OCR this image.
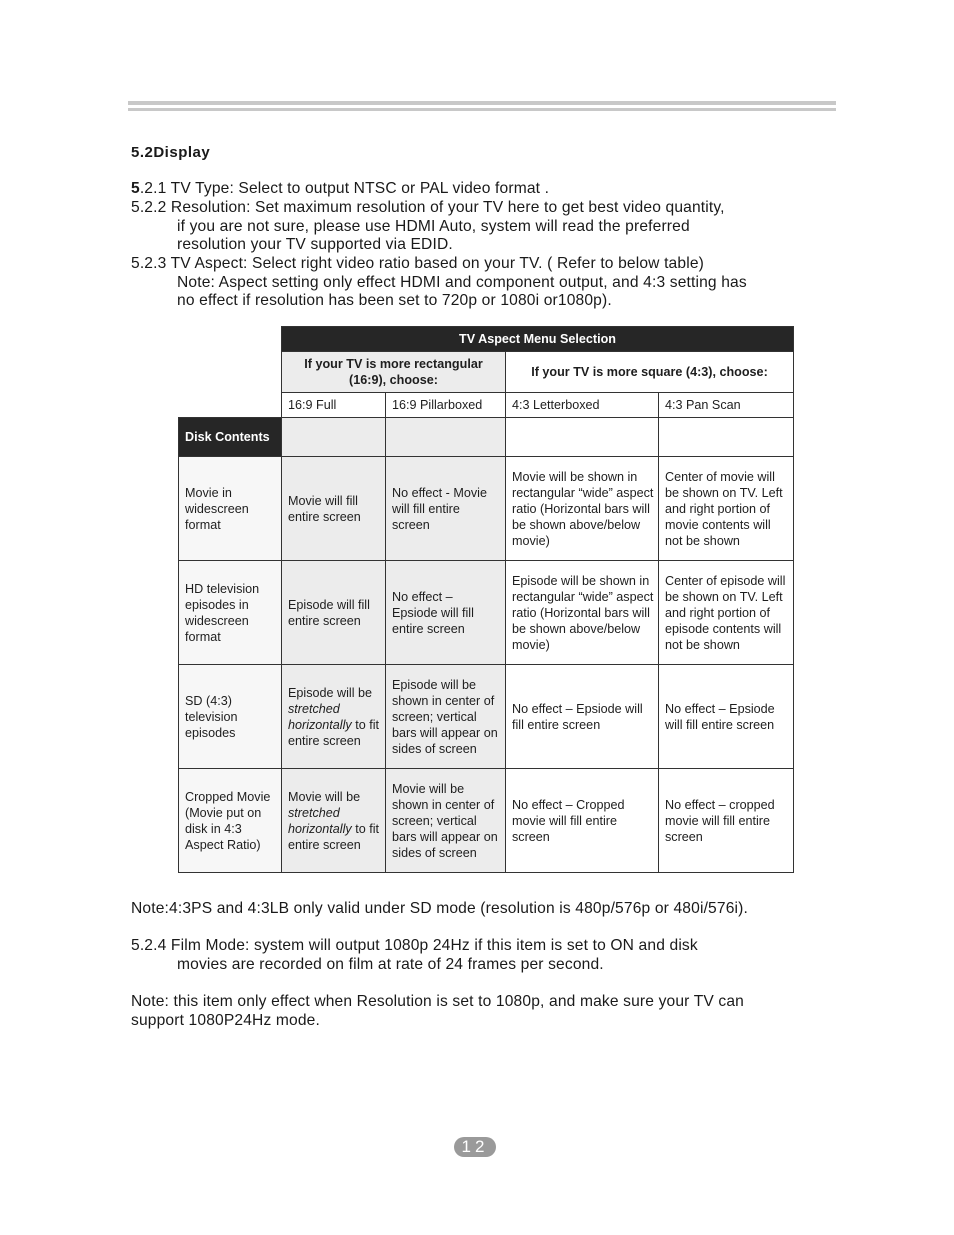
5.2Display
5.2.1 TV Type: Select to output NTSC or PAL video format .
5.2.2 Resolution: Set maximum resolution of your TV here to get best video quantity,
if you are not sure, please use HDMI Auto, system will read the preferred
resolution your TV supported via EDID.
5.2.3 TV Aspect: Select right video ratio based on your TV. ( Refer to below table)
Note: Aspect setting only effect HDMI and component output, and 4:3 setting has
no effect if resolution has been set to 720p or 1080i or1080p).
	TV Aspect Menu Selection			
	If your TV is more rectangular (16:9), choose:		If your TV is more square (4:3), choose:	
	16:9 Full	16:9 Pillarboxed	4:3 Letterboxed	4:3 Pan Scan
Disk Contents				
Movie in widescreen format	Movie will fill entire screen	No effect - Movie will fill entire screen	Movie will be shown in rectangular “wide” aspect ratio (Horizontal bars will be shown above/below movie)	Center of movie will be shown on TV. Left and right portion of movie contents will not be shown
HD television episodes in widescreen format	Episode will fill entire screen	No effect – Epsiode will fill entire screen	Episode will be shown in rectangular “wide” aspect ratio (Horizontal bars will be shown above/below movie)	Center of episode will be shown on TV. Left and right portion of episode contents will not be shown
SD (4:3) television episodes	Episode will be stretched horizontally to fit entire screen	Episode will be shown in center of screen; vertical bars will appear on sides of screen	No effect – Epsiode will fill entire screen	No effect – Epsiode will fill entire screen
Cropped Movie (Movie put on disk in 4:3 Aspect Ratio)	Movie will be stretched horizontally to fit entire screen	Movie will be shown in center of screen; vertical bars will appear on sides of screen	No effect – Cropped movie will fill entire screen	No effect – cropped movie will fill entire screen
Note:4:3PS and 4:3LB only valid under SD mode (resolution is 480p/576p or 480i/576i).
5.2.4 Film Mode: system will output 1080p 24Hz if this item is set to ON and disk
movies are recorded on film at rate of 24 frames per second.
Note: this item only effect when Resolution is set to 1080p, and make sure your TV can
support 1080P24Hz mode.
12
